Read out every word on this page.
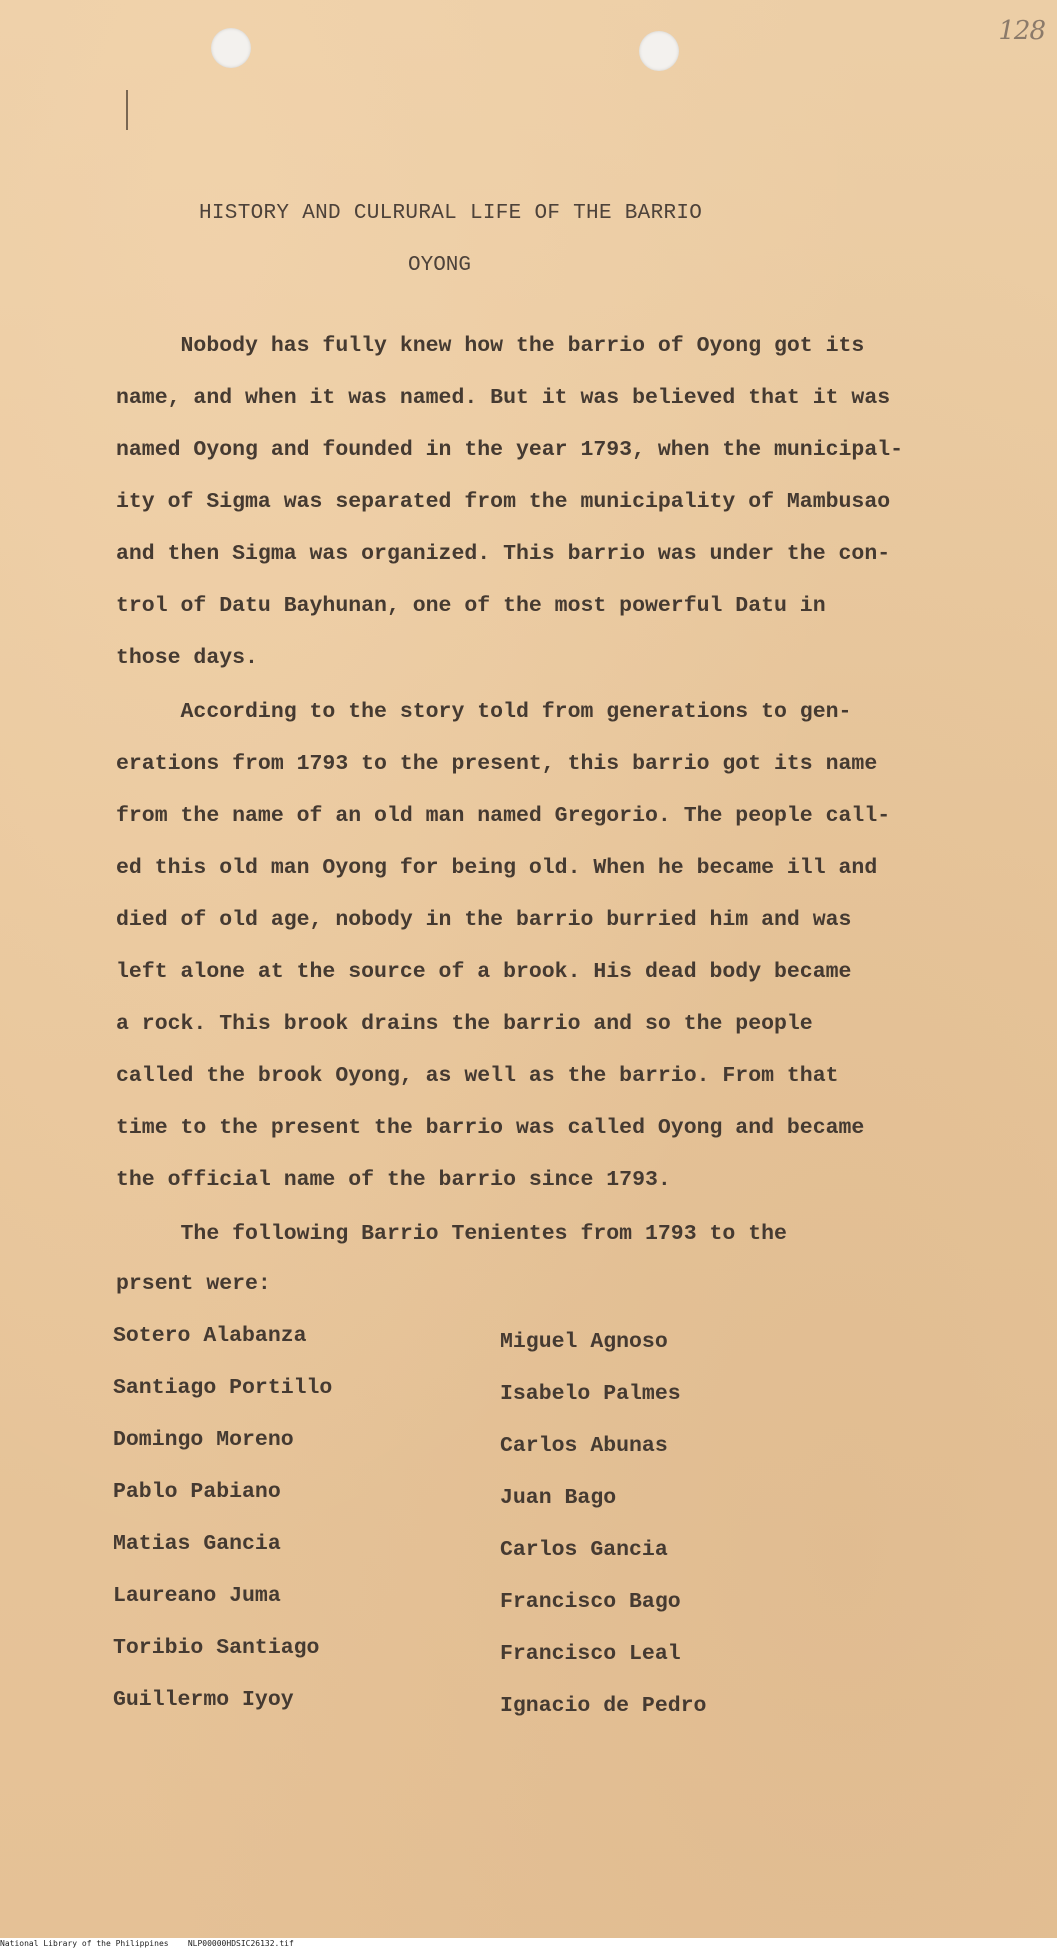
128
HISTORY AND CULRURAL LIFE OF THE BARRIO
OYONG
Nobody has fully knew how the barrio of Oyong got its
name, and when it was named. But it was believed that it was
named Oyong and founded in the year 1793, when the municipal-
ity of Sigma was separated from the municipality of Mambusao
and then Sigma was organized. This barrio was under the con-
trol of Datu Bayhunan, one of the most powerful Datu in
those days.
According to the story told from generations to gen-
erations from 1793 to the present, this barrio got its name
from the name of an old man named Gregorio. The people call-
ed this old man Oyong for being old. When he became ill and
died of old age, nobody in the barrio burried him and was
left alone at the source of a brook. His dead body became
a rock. This brook drains the barrio and so the people
called the brook Oyong, as well as the barrio. From that
time to the present the barrio was called Oyong and became
the official name of the barrio since 1793.
The following Barrio Tenientes from 1793 to the
prsent were:
Sotero Alabanza
Santiago Portillo
Domingo Moreno
Pablo Pabiano
Matias Gancia
Laureano Juma
Toribio Santiago
Guillermo Iyoy
Miguel Agnoso
Isabelo Palmes
Carlos Abunas
Juan Bago
Carlos Gancia
Francisco Bago
Francisco Leal
Ignacio de Pedro
National Library of the Philippines    NLP00000HDSIC26132.tif
